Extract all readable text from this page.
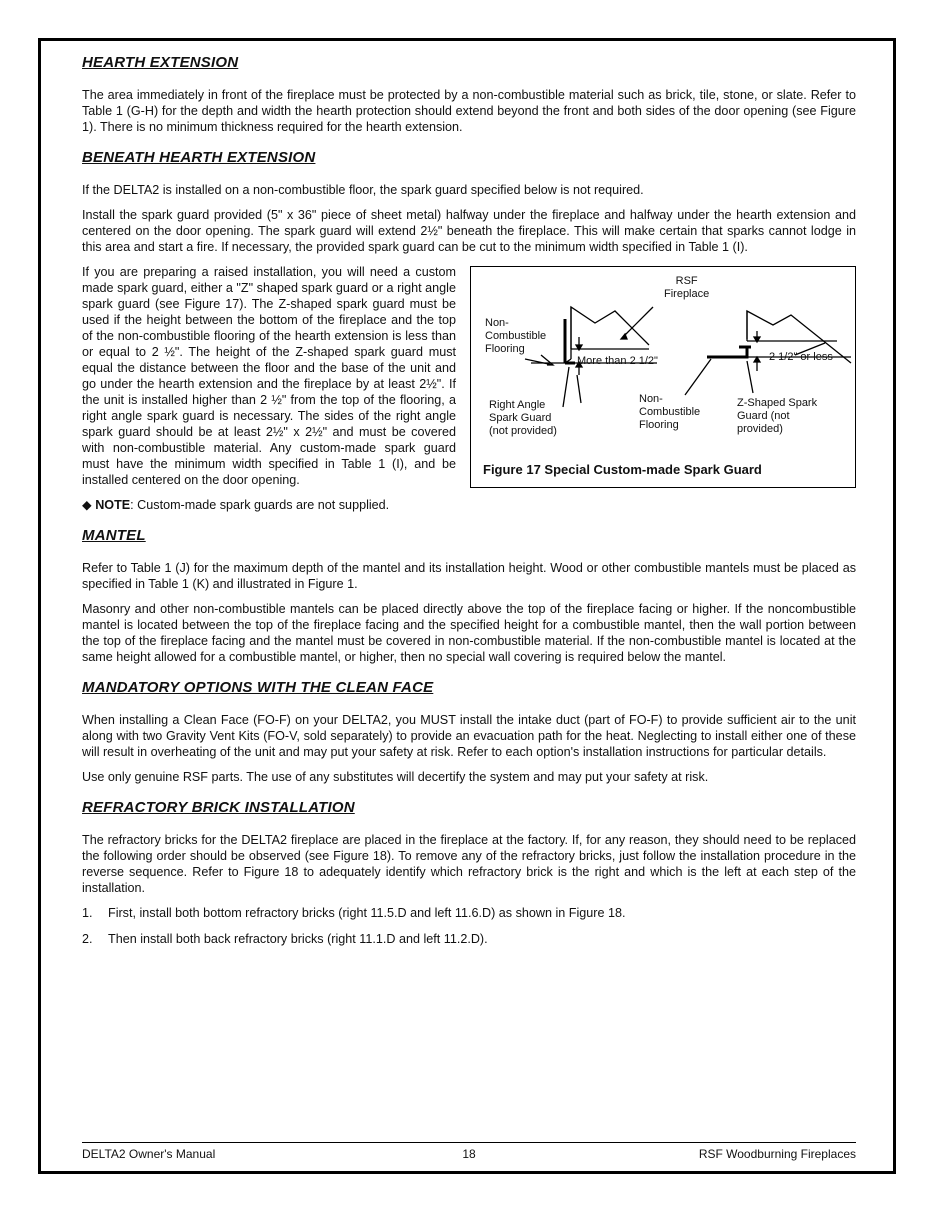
HEARTH EXTENSION

The area immediately in front of the fireplace must be protected by a non-combustible material such as brick, tile, stone, or slate. Refer to Table 1 (G-H) for the depth and width the hearth protection should extend beyond the front and both sides of the door opening (see Figure 1). There is no minimum thickness required for the hearth extension.

BENEATH HEARTH EXTENSION

If the DELTA2 is installed on a non-combustible floor, the spark guard specified below is not required.

Install the spark guard provided (5" x 36" piece of sheet metal) halfway under the fireplace and halfway under the hearth extension and centered on the door opening. The spark guard will extend 2½" beneath the fireplace. This will make certain that sparks cannot lodge in this area and start a fire. If necessary, the provided spark guard can be cut to the minimum width specified in Table 1 (I).

RSF
Fireplace
Non-
Combustible
Flooring
More than 2 1/2"
Right Angle
Spark Guard
(not provided)
Non-
Combustible
Flooring
2 1/2" or less
Z-Shaped Spark
Guard (not
provided)
Figure 17 Special Custom-made Spark Guard

If you are preparing a raised installation, you will need a custom made spark guard, either a "Z" shaped spark guard or a right angle spark guard (see Figure 17). The Z-shaped spark guard must be used if the height between the bottom of the fireplace and the top of the non-combustible flooring of the hearth extension is less than or equal to 2 ½". The height of the Z-shaped spark guard must equal the distance between the floor and the base of the unit and go under the hearth extension and the fireplace by at least 2½". If the unit is installed higher than 2 ½" from the top of the flooring, a right angle spark guard is necessary. The sides of the right angle spark guard should be at least 2½" x 2½" and must be covered with non-combustible material. Any custom-made spark guard must have the minimum width specified in Table 1 (I), and be installed centered on the door opening.

◆ NOTE: Custom-made spark guards are not supplied.

MANTEL

Refer to Table 1 (J) for the maximum depth of the mantel and its installation height. Wood or other combustible mantels must be placed as specified in Table 1 (K) and illustrated in Figure 1.

Masonry and other non-combustible mantels can be placed directly above the top of the fireplace facing or higher. If the noncombustible mantel is located between the top of the fireplace facing and the specified height for a combustible mantel, then the wall portion between the top of the fireplace facing and the mantel must be covered in non-combustible material. If the non-combustible mantel is located at the same height allowed for a combustible mantel, or higher, then no special wall covering is required below the mantel.

MANDATORY OPTIONS WITH THE CLEAN FACE

When installing a Clean Face (FO-F) on your DELTA2, you MUST install the intake duct (part of FO-F) to provide sufficient air to the unit along with two Gravity Vent Kits (FO-V, sold separately) to provide an evacuation path for the heat. Neglecting to install either one of these will result in overheating of the unit and may put your safety at risk. Refer to each option's installation instructions for particular details.

Use only genuine RSF parts. The use of any substitutes will decertify the system and may put your safety at risk.

REFRACTORY BRICK INSTALLATION

The refractory bricks for the DELTA2 fireplace are placed in the fireplace at the factory. If, for any reason, they should need to be replaced the following order should be observed (see Figure 18). To remove any of the refractory bricks, just follow the installation procedure in the reverse sequence. Refer to Figure 18 to adequately identify which refractory brick is the right and which is the left at each step of the installation.

1. First, install both bottom refractory bricks (right 11.5.D and left 11.6.D) as shown in Figure 18.
2. Then install both back refractory bricks (right 11.1.D and left 11.2.D).
DELTA2 Owner's Manual	18	RSF Woodburning Fireplaces
